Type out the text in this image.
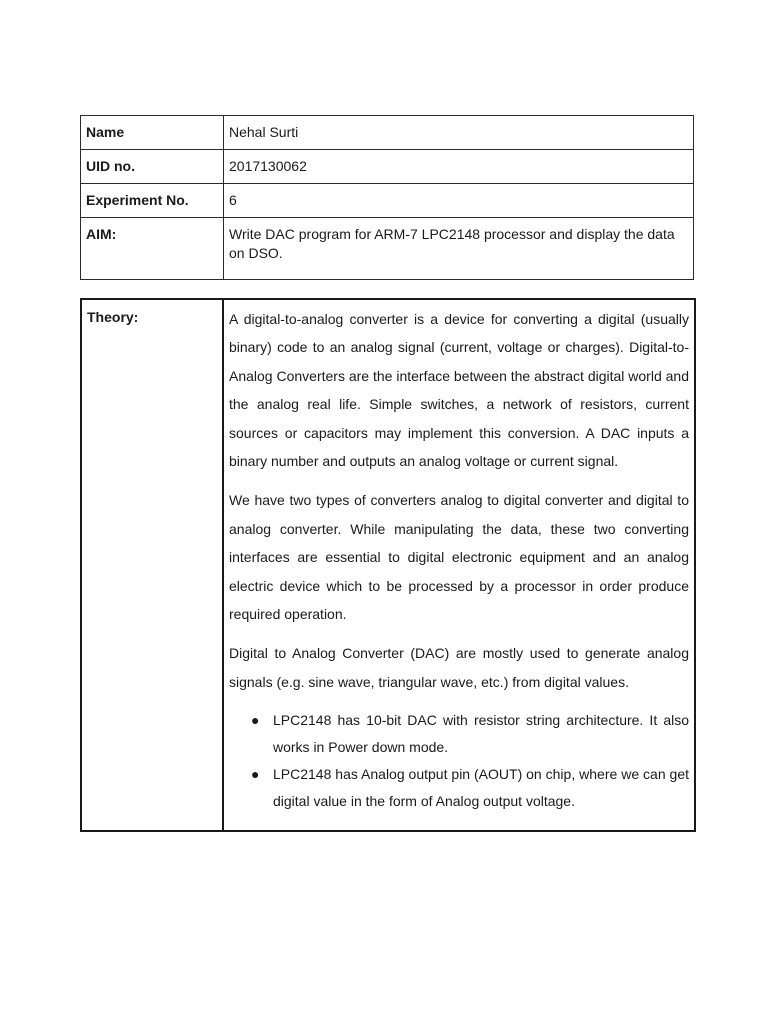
Name	Nehal Surti
UID no.	2017130062
Experiment No.	6
AIM:	Write DAC program for ARM-7 LPC2148 processor and display the data on DSO.
Theory:	A digital-to-analog converter is a device for converting a digital (usually binary) code to an analog signal (current, voltage or charges). Digital-to-Analog Converters are the interface between the abstract digital world and the analog real life. Simple switches, a network of resistors, current sources or capacitors may implement this conversion. A DAC inputs a binary number and outputs an analog voltage or current signal.

We have two types of converters analog to digital converter and digital to analog converter. While manipulating the data, these two converting interfaces are essential to digital electronic equipment and an analog electric device which to be processed by a processor in order produce required operation.

Digital to Analog Converter (DAC) are mostly used to generate analog signals (e.g. sine wave, triangular wave, etc.) from digital values.

● LPC2148 has 10-bit DAC with resistor string architecture. It also works in Power down mode.
● LPC2148 has Analog output pin (AOUT) on chip, where we can get digital value in the form of Analog output voltage.
